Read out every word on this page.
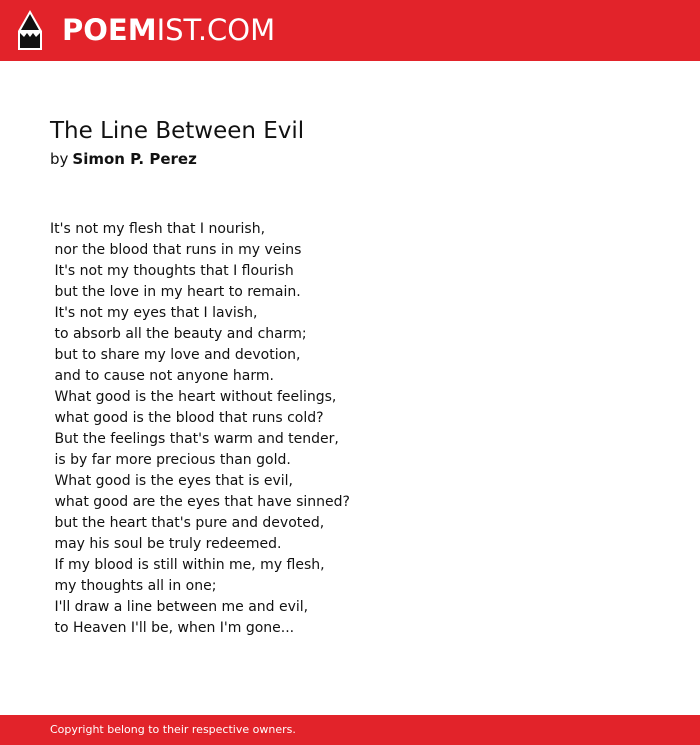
POEMIST.COM
The Line Between Evil
by Simon P. Perez
It's not my flesh that I nourish,
nor the blood that runs in my veins
It's not my thoughts that I flourish
but the love in my heart to remain.
It's not my eyes that I lavish,
to absorb all the beauty and charm;
but to share my love and devotion,
and to cause not anyone harm.
What good is the heart without feelings,
what good is the blood that runs cold?
But the feelings that's warm and tender,
is by far more precious than gold.
What good is the eyes that is evil,
what good are the eyes that have sinned?
but the heart that's pure and devoted,
may his soul be truly redeemed.
If my blood is still within me, my flesh,
my thoughts all in one;
I'll draw a line between me and evil,
to Heaven I'll be, when I'm gone...
Copyright belong to their respective owners.
